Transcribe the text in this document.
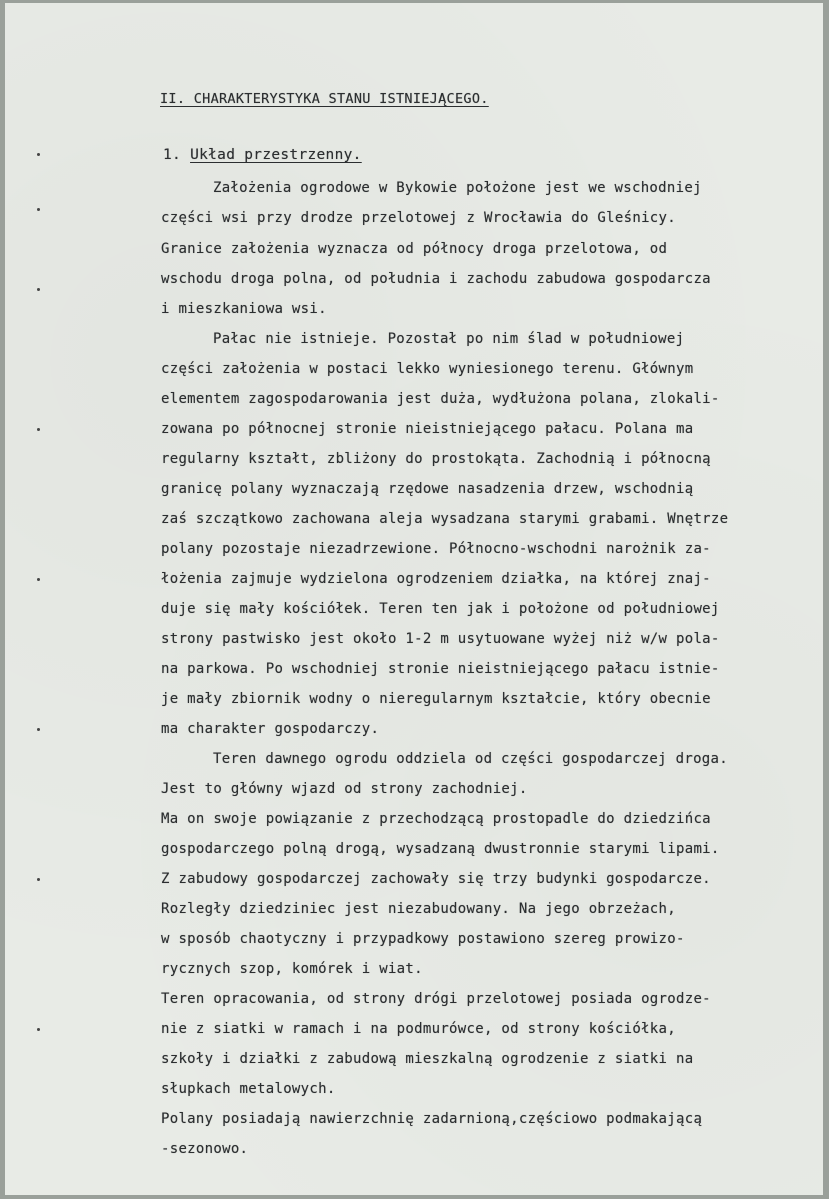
II. CHARAKTERYSTYKA STANU ISTNIEJĄCEGO.
1. Układ przestrzenny.
Założenia ogrodowe w Bykowie położone jest we wschodniej
części wsi przy drodze przelotowej z Wrocławia do Gleśnicy.
Granice założenia wyznacza od północy droga przelotowa, od
wschodu droga polna, od południa i zachodu zabudowa gospodarcza
i mieszkaniowa wsi.
Pałac nie istnieje. Pozostał po nim ślad w południowej
części założenia w postaci lekko wyniesionego terenu. Głównym
elementem zagospodarowania jest duża, wydłużona polana, zlokali-
zowana po północnej stronie nieistniejącego pałacu. Polana ma
regularny kształt, zbliżony do prostokąta. Zachodnią i północną
granicę polany wyznaczają rzędowe nasadzenia drzew, wschodnią
zaś szczątkowo zachowana aleja wysadzana starymi grabami. Wnętrze
polany pozostaje niezadrzewione. Północno-wschodni narożnik za-
łożenia zajmuje wydzielona ogrodzeniem działka, na której znaj-
duje się mały kościółek. Teren ten jak i położone od południowej
strony pastwisko jest około 1-2 m usytuowane wyżej niż w/w pola-
na parkowa. Po wschodniej stronie nieistniejącego pałacu istnie-
je mały zbiornik wodny o nieregularnym kształcie, który obecnie
ma charakter gospodarczy.
Teren dawnego ogrodu oddziela od części gospodarczej droga.
Jest to główny wjazd od strony zachodniej.
Ma on swoje powiązanie z przechodzącą prostopadle do dziedzińca
gospodarczego polną drogą, wysadzaną dwustronnie starymi lipami.
Z zabudowy gospodarczej zachowały się trzy budynki gospodarcze.
Rozległy dziedziniec jest niezabudowany. Na jego obrzeżach,
w sposób chaotyczny i przypadkowy postawiono szereg prowizo-
rycznych szop, komórek i wiat.
Teren opracowania, od strony drógi przelotowej posiada ogrodze-
nie z siatki w ramach i na podmurówce, od strony kościółka,
szkoły i działki z zabudową mieszkalną ogrodzenie z siatki na
słupkach metalowych.
Polany posiadają nawierzchnię zadarnioną,częściowo podmakającą
-sezonowo.
